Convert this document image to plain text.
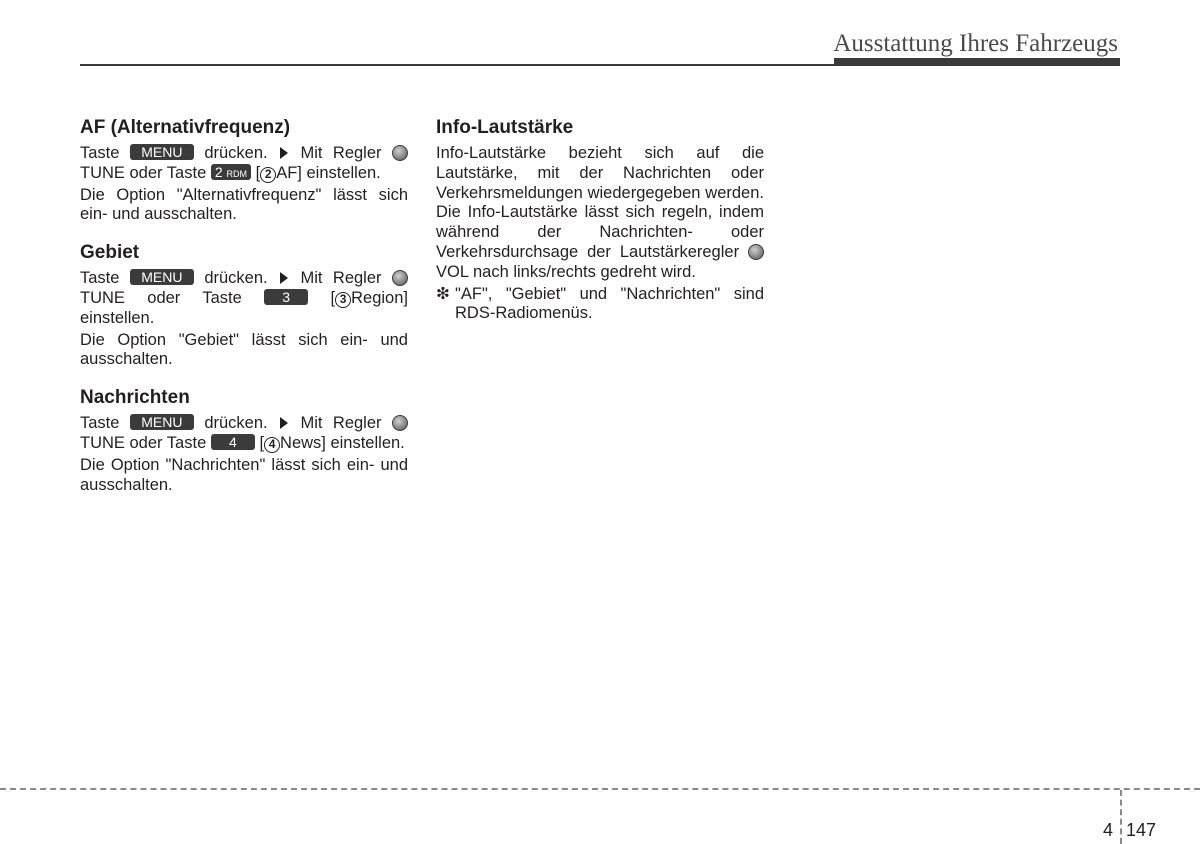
Ausstattung Ihres Fahrzeugs
AF (Alternativfrequenz)
Taste MENU drücken. Mit Regler  TUNE oder Taste 2 RDM [ 2 AF] einstellen.
Die Option "Alternativfrequenz" lässt sich ein- und ausschalten.
Gebiet
Taste MENU drücken. Mit Regler  TUNE oder Taste	3 [ 3 Region] einstellen.
Die Option "Gebiet" lässt sich ein- und ausschalten.
Nachrichten
Taste MENU drücken. Mit Regler  TUNE oder Taste 4 [ 4 News] einstellen.
Die Option "Nachrichten" lässt sich ein- und ausschalten.
Info-Lautstärke
Info-Lautstärke bezieht sich auf die Lautstärke, mit der Nachrichten oder Verkehrsmeldungen wiedergegeben werden. Die Info-Lautstärke lässt sich regeln, indem während der Nachrichten- oder Verkehrsdurchsage der Lautstärkeregler  VOL nach links/rechts gedreht wird.
❇ "AF", "Gebiet" und "Nachrichten" sind RDS-Radiomenüs.
4 147
